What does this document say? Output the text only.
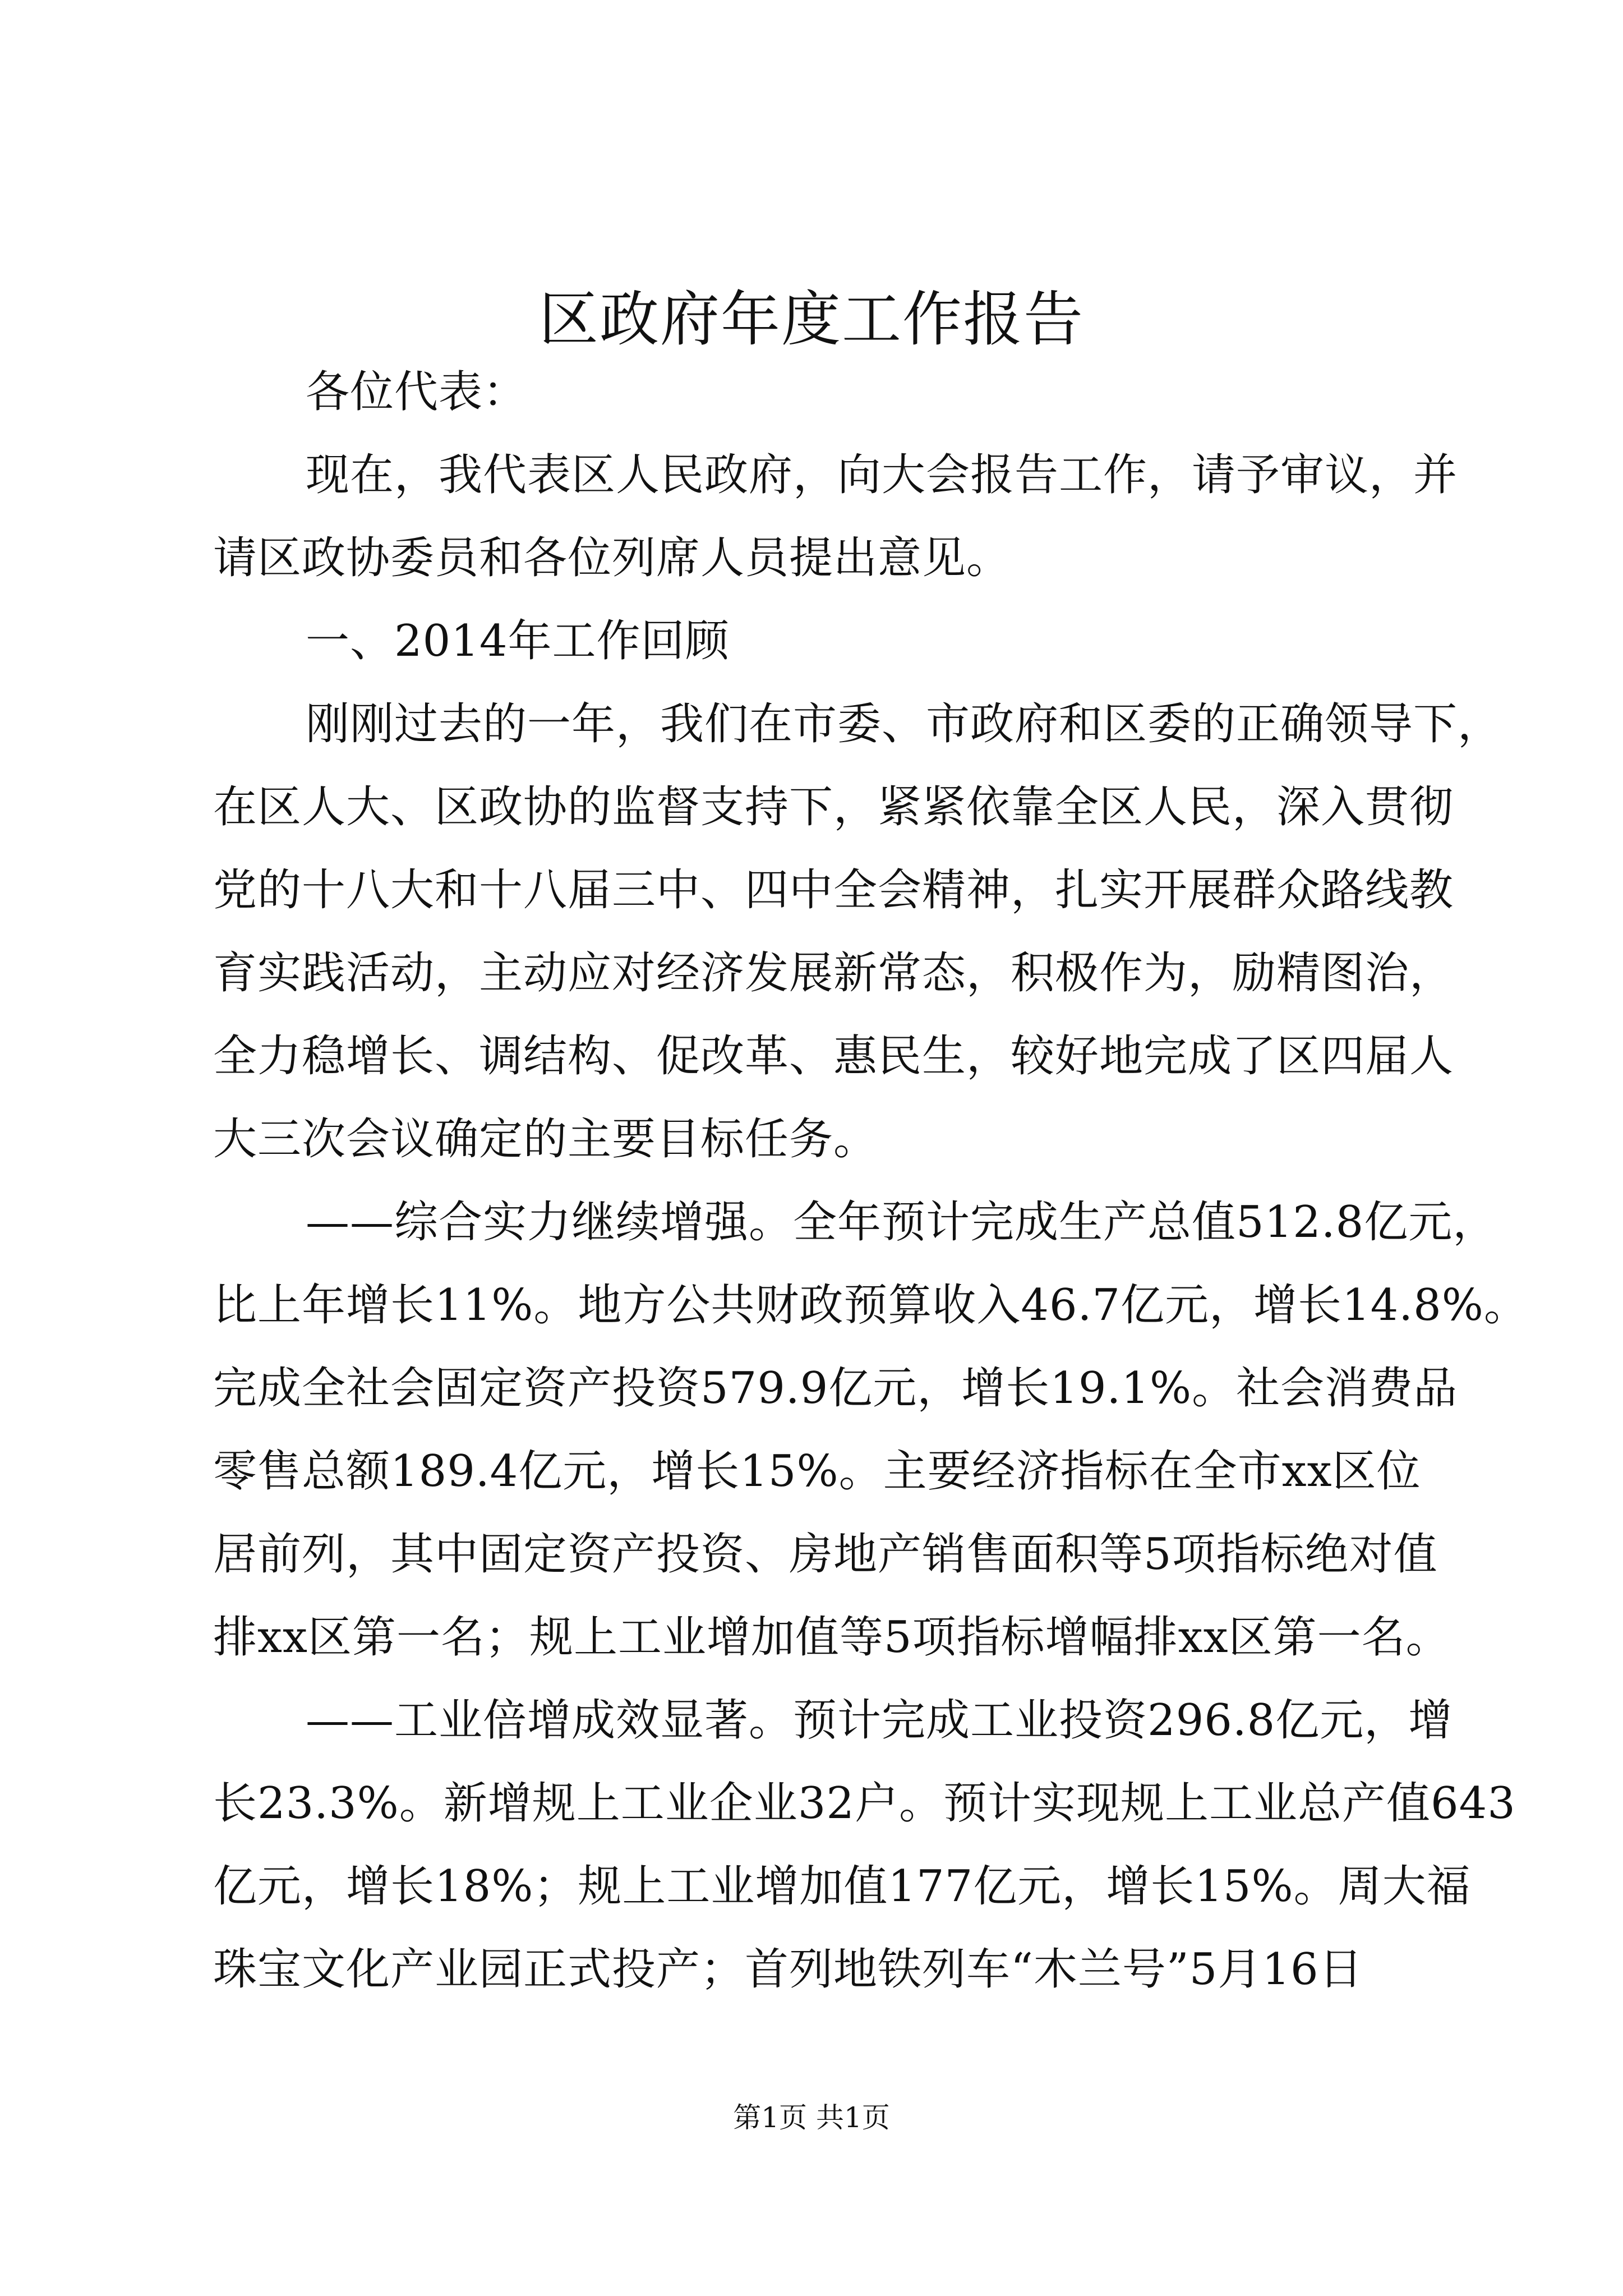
区政府年度工作报告
各位代表：
现在，我代表区人民政府，向大会报告工作，请予审议，并
请区政协委员和各位列席人员提出意见。
一、2014年工作回顾
刚刚过去的一年，我们在市委、市政府和区委的正确领导下，
在区人大、区政协的监督支持下，紧紧依靠全区人民，深入贯彻
党的十八大和十八届三中、四中全会精神，扎实开展群众路线教
育实践活动，主动应对经济发展新常态，积极作为，励精图治，
全力稳增长、调结构、促改革、惠民生，较好地完成了区四届人
大三次会议确定的主要目标任务。
——综合实力继续增强。全年预计完成生产总值512.8亿元，
比上年增长11%。地方公共财政预算收入46.7亿元，增长14.8%。
完成全社会固定资产投资579.9亿元，增长19.1%。社会消费品
零售总额189.4亿元，增长15%。主要经济指标在全市xx区位
居前列，其中固定资产投资、房地产销售面积等5项指标绝对值
排xx区第一名；规上工业增加值等5项指标增幅排xx区第一名。
——工业倍增成效显著。预计完成工业投资296.8亿元，增
长23.3%。新增规上工业企业32户。预计实现规上工业总产值643
亿元，增长18%；规上工业增加值177亿元，增长15%。周大福
珠宝文化产业园正式投产；首列地铁列车“木兰号”5月16日
第1页 共1页
